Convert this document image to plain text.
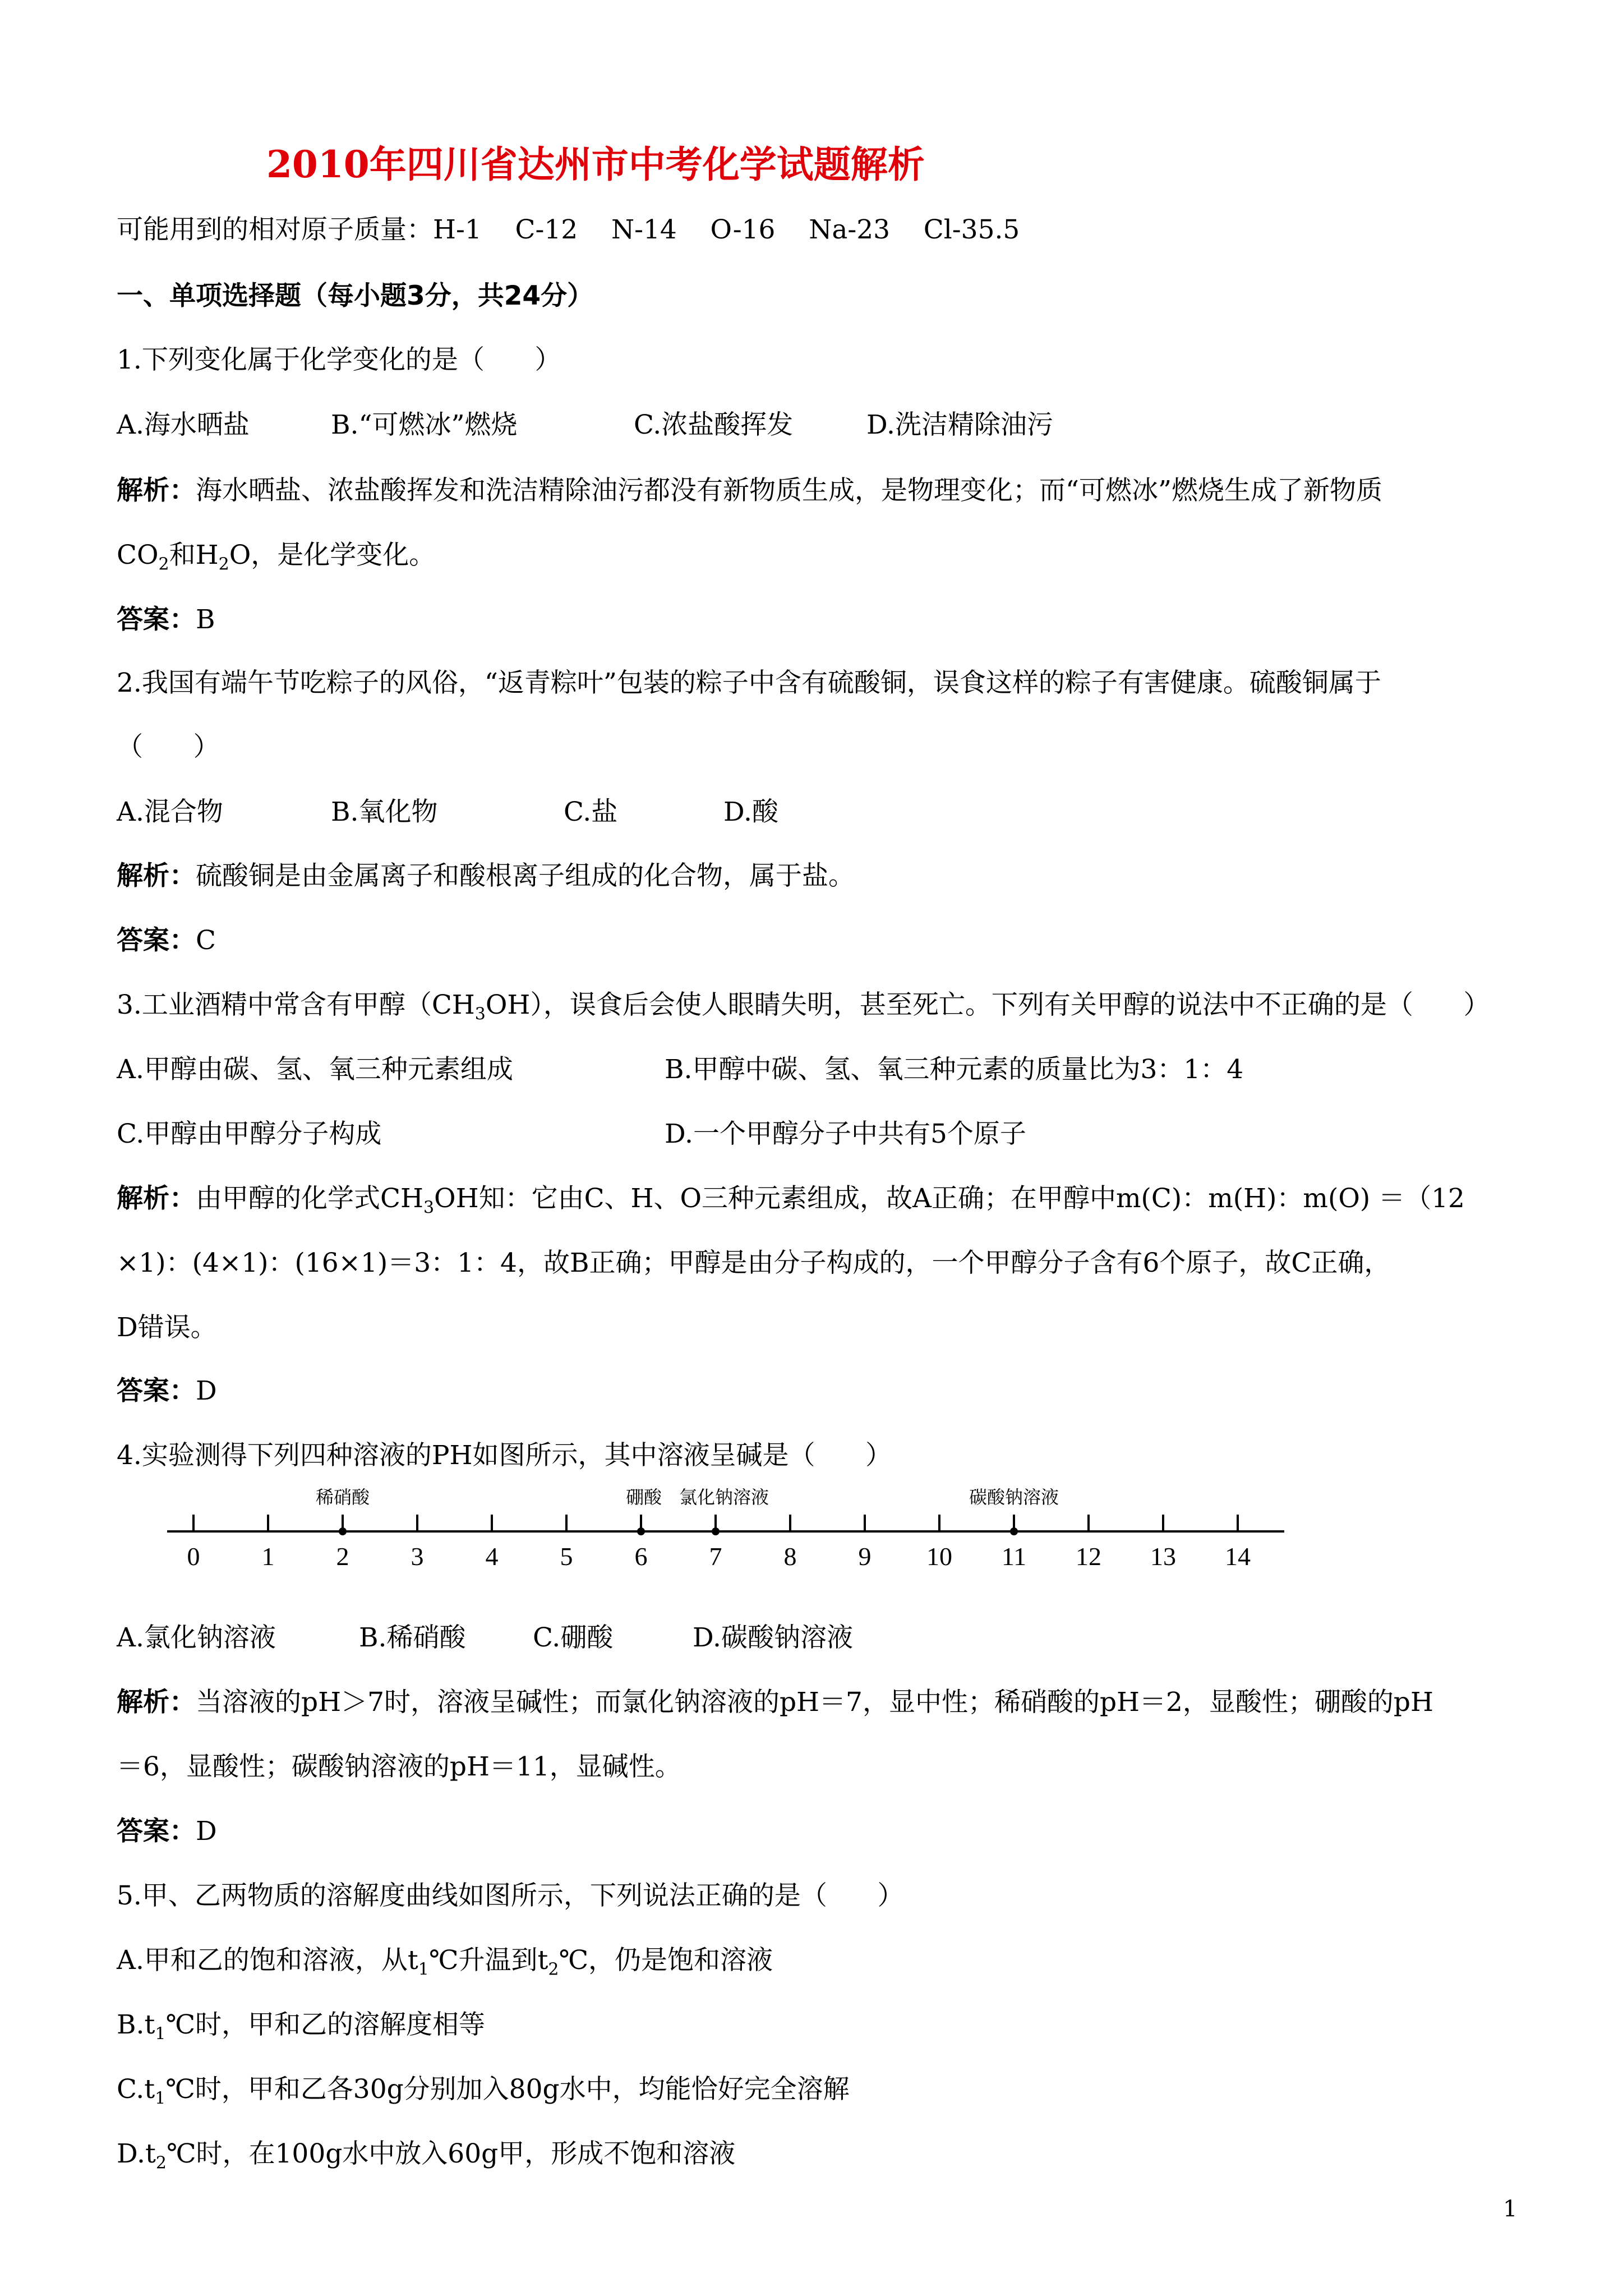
2010年四川省达州市中考化学试题解析
可能用到的相对原子质量：H-1    C-12    N-14    O-16    Na-23    Cl-35.5
一、单项选择题（每小题3分，共24分）
1.下列变化属于化学变化的是（      ）
A.海水晒盐	B.“可燃冰”燃烧	C.浓盐酸挥发	D.洗洁精除油污
解析：海水晒盐、浓盐酸挥发和洗洁精除油污都没有新物质生成，是物理变化；而“可燃冰”燃烧生成了新物质
$CO_2$和$H_2O$，是化学变化。
答案：B
2.我国有端午节吃粽子的风俗，“返青粽叶”包装的粽子中含有硫酸铜，误食这样的粽子有害健康。硫酸铜属于
（      ）
A.混合物	B.氧化物	C.盐	D.酸
解析：硫酸铜是由金属离子和酸根离子组成的化合物，属于盐。
答案：C
3.工业酒精中常含有甲醇$(CH_3OH)$，误食后会使人眼睛失明，甚至死亡。下列有关甲醇的说法中不正确的是（      ）
A.甲醇由碳、氢、氧三种元素组成	B.甲醇中碳、氢、氧三种元素的质量比为3：1：4
C.甲醇由甲醇分子构成	D.一个甲醇分子中共有5个原子
解析：由甲醇的化学式$CH_3OH$知：它由C、H、O三种元素组成，故A正确；在甲醇中m(C)：m(H)：m(O) ＝（12
×1)：(4×1)：(16×1)＝3：1：4，故B正确；甲醇是由分子构成的，一个甲醇分子含有6个原子，故C正确，
D错误。
答案：D
4.实验测得下列四种溶液的PH如图所示，其中溶液呈碱是（      ）
0 1 2 3 4 5 6 7 8 9 10 11 12 13 14
稀硝酸	硼酸 氯化钠溶液	碳酸钠溶液
A.氯化钠溶液	B.稀硝酸	C.硼酸	D.碳酸钠溶液
解析：当溶液的pH＞7时，溶液呈碱性；而氯化钠溶液的pH＝7，显中性；稀硝酸的pH＝2，显酸性；硼酸的pH
＝6，显酸性；碳酸钠溶液的pH＝11，显碱性。
答案：D
5.甲、乙两物质的溶解度曲线如图所示，下列说法正确的是（      ）
A.甲和乙的饱和溶液，从$t_1℃$升温到$t_2℃$，仍是饱和溶液
$B.t_1℃$时，甲和乙的溶解度相等
$C.t_1℃$时，甲和乙各30g分别加入80g水中，均能恰好完全溶解
$D.t_2℃$时，在100g水中放入60g甲，形成不饱和溶液
1
